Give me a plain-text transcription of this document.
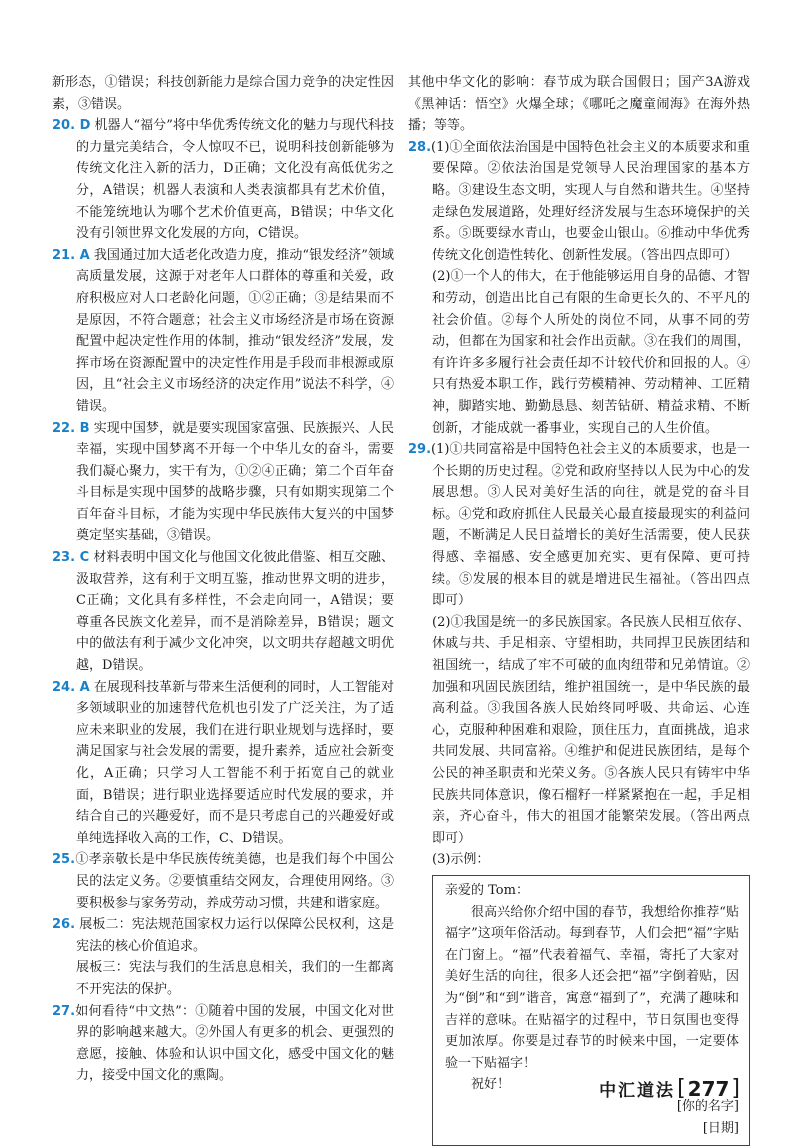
新形态，①错误；科技创新能力是综合国力竞争的决定性因素，③错误。

20. D 机器人“福兮”将中华优秀传统文化的魅力与现代科技的力量完美结合，令人惊叹不已，说明科技创新能够为传统文化注入新的活力，D正确；文化没有高低优劣之分，A错误；机器人表演和人类表演都具有艺术价值，不能笼统地认为哪个艺术价值更高，B错误；中华文化没有引领世界文化发展的方向，C错误。

21. A 我国通过加大适老化改造力度，推动“银发经济”领域高质量发展，这源于对老年人口群体的尊重和关爱，政府积极应对人口老龄化问题，①②正确；③是结果而不是原因，不符合题意；社会主义市场经济是市场在资源配置中起决定性作用的体制，推动“银发经济”发展，发挥市场在资源配置中的决定性作用是手段而非根源或原因，且“社会主义市场经济的决定作用”说法不科学，④错误。

22. B 实现中国梦，就是要实现国家富强、民族振兴、人民幸福，实现中国梦离不开每一个中华儿女的奋斗，需要我们凝心聚力，实干有为，①②④正确；第二个百年奋斗目标是实现中国梦的战略步骤，只有如期实现第二个百年奋斗目标，才能为实现中华民族伟大复兴的中国梦奠定坚实基础，③错误。

23. C 材料表明中国文化与他国文化彼此借鉴、相互交融、汲取营养，这有利于文明互鉴，推动世界文明的进步，C正确；文化具有多样性，不会走向同一，A错误；要尊重各民族文化差异，而不是消除差异，B错误；题文中的做法有利于减少文化冲突，以文明共存超越文明优越，D错误。

24. A 在展现科技革新与带来生活便利的同时，人工智能对多领域职业的加速替代危机也引发了广泛关注，为了适应未来职业的发展，我们在进行职业规划与选择时，要满足国家与社会发展的需要，提升素养，适应社会新变化，A正确；只学习人工智能不利于拓宽自己的就业面，B错误；进行职业选择要适应时代发展的要求，并结合自己的兴趣爱好，而不是只考虑自己的兴趣爱好或单纯选择收入高的工作，C、D错误。

25.①孝亲敬长是中华民族传统美德，也是我们每个中国公民的法定义务。②要慎重结交网友，合理使用网络。③要积极参与家务劳动，养成劳动习惯，共建和谐家庭。

26. 展板二：宪法规范国家权力运行以保障公民权利，这是宪法的核心价值追求。

展板三：宪法与我们的生活息息相关，我们的一生都离不开宪法的保护。

27.如何看待“中文热”：①随着中国的发展，中国文化对世界的影响越来越大。②外国人有更多的机会、更强烈的意愿，接触、体验和认识中国文化，感受中国文化的魅力，接受中国文化的熏陶。

其他中华文化的影响：春节成为联合国假日；国产3A游戏《黑神话：悟空》火爆全球；《哪吒之魔童闹海》在海外热播；等等。

28.(1)①全面依法治国是中国特色社会主义的本质要求和重要保障。②依法治国是党领导人民治理国家的基本方略。③建设生态文明，实现人与自然和谐共生。④坚持走绿色发展道路，处理好经济发展与生态环境保护的关系。⑤既要绿水青山，也要金山银山。⑥推动中华优秀传统文化创造性转化、创新性发展。（答出四点即可）

(2)①一个人的伟大，在于他能够运用自身的品德、才智和劳动，创造出比自己有限的生命更长久的、不平凡的社会价值。②每个人所处的岗位不同，从事不同的劳动，但都在为国家和社会作出贡献。③在我们的周围，有许许多多履行社会责任却不计较代价和回报的人。④只有热爱本职工作，践行劳模精神、劳动精神、工匠精神，脚踏实地、勤勤恳恳、刻苦钻研、精益求精、不断创新，才能成就一番事业，实现自己的人生价值。

29.(1)①共同富裕是中国特色社会主义的本质要求，也是一个长期的历史过程。②党和政府坚持以人民为中心的发展思想。③人民对美好生活的向往，就是党的奋斗目标。④党和政府抓住人民最关心最直接最现实的利益问题，不断满足人民日益增长的美好生活需要，使人民获得感、幸福感、安全感更加充实、更有保障、更可持续。⑤发展的根本目的就是增进民生福祉。（答出四点即可）

(2)①我国是统一的多民族国家。各民族人民相互依存、休戚与共、手足相亲、守望相助，共同捍卫民族团结和祖国统一，结成了牢不可破的血肉纽带和兄弟情谊。②加强和巩固民族团结，维护祖国统一，是中华民族的最高利益。③我国各族人民始终同呼吸、共命运、心连心，克服种种困难和艰险，顶住压力，直面挑战，追求共同发展、共同富裕。④维护和促进民族团结，是每个公民的神圣职责和光荣义务。⑤各族人民只有铸牢中华民族共同体意识，像石榴籽一样紧紧抱在一起，手足相亲，齐心奋斗，伟大的祖国才能繁荣发展。（答出两点即可）

(3)示例：

亲爱的 Tom：

很高兴给你介绍中国的春节，我想给你推荐“贴福字”这项年俗活动。每到春节，人们会把“福”字贴在门窗上。“福”代表着福气、幸福，寄托了大家对美好生活的向往，很多人还会把“福”字倒着贴，因为“倒”和“到”谐音，寓意“福到了”，充满了趣味和吉祥的意味。在贴福字的过程中，节日氛围也变得更加浓厚。你要是过春节的时候来中国，一定要体验一下贴福字！

祝好！

[你的名字]

[日期]

中汇道法 [ 277 ]
